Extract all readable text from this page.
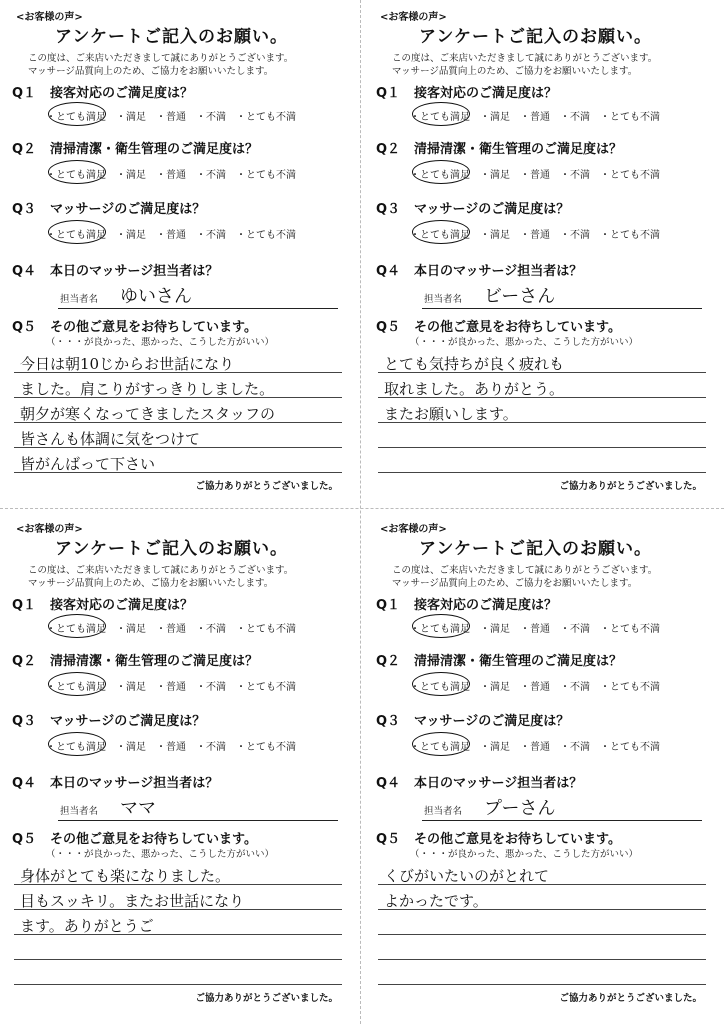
<お客様の声>
アンケートご記入のお願い。
この度は、ご来店いただきまして誠にありがとうございます。
マッサージ品質向上のため、ご協力をお願いいたします。
Q１ 接客対応のご満足度は？
・とても満足 ・満足 ・普通 ・不満 ・とても不満
Q２ 清掃清潔・衛生管理のご満足度は？
・とても満足 ・満足 ・普通 ・不満 ・とても不満
Q３ マッサージのご満足度は？
・とても満足 ・満足 ・普通 ・不満 ・とても不満
Q４ 本日のマッサージ担当者は？
担当者名 ゆいさん
Q５ その他ご意見をお待ちしています。
（・・・が良かった、悪かった、こうした方がいい）
今日は朝10じからお世話になり
ました。肩こりがすっきりしました。
朝夕が寒くなってきましたスタッフの
皆さんも体調に気をつけて
皆がんばって下さい
ご協力ありがとうございました。
<お客様の声>
アンケートご記入のお願い。
この度は、ご来店いただきまして誠にありがとうございます。
マッサージ品質向上のため、ご協力をお願いいたします。
Q１ 接客対応のご満足度は？
・とても満足 ・満足 ・普通 ・不満 ・とても不満
Q２ 清掃清潔・衛生管理のご満足度は？
・とても満足 ・満足 ・普通 ・不満 ・とても不満
Q３ マッサージのご満足度は？
・とても満足 ・満足 ・普通 ・不満 ・とても不満
Q４ 本日のマッサージ担当者は？
担当者名 ビーさん
Q５ その他ご意見をお待ちしています。
（・・・が良かった、悪かった、こうした方がいい）
とても気持ちが良く疲れも
取れました。ありがとう。
またお願いします。
ご協力ありがとうございました。
<お客様の声>
アンケートご記入のお願い。
この度は、ご来店いただきまして誠にありがとうございます。
マッサージ品質向上のため、ご協力をお願いいたします。
Q１ 接客対応のご満足度は？
・とても満足 ・満足 ・普通 ・不満 ・とても不満
Q２ 清掃清潔・衛生管理のご満足度は？
・とても満足 ・満足 ・普通 ・不満 ・とても不満
Q３ マッサージのご満足度は？
・とても満足 ・満足 ・普通 ・不満 ・とても不満
Q４ 本日のマッサージ担当者は？
担当者名 ママ
Q５ その他ご意見をお待ちしています。
（・・・が良かった、悪かった、こうした方がいい）
身体がとても楽になりました。
目もスッキリ。またお世話になり
ます。ありがとうご
ご協力ありがとうございました。
<お客様の声>
アンケートご記入のお願い。
この度は、ご来店いただきまして誠にありがとうございます。
マッサージ品質向上のため、ご協力をお願いいたします。
Q１ 接客対応のご満足度は？
・とても満足 ・満足 ・普通 ・不満 ・とても不満
Q２ 清掃清潔・衛生管理のご満足度は？
・とても満足 ・満足 ・普通 ・不満 ・とても不満
Q３ マッサージのご満足度は？
・とても満足 ・満足 ・普通 ・不満 ・とても不満
Q４ 本日のマッサージ担当者は？
担当者名 プーさん
Q５ その他ご意見をお待ちしています。
（・・・が良かった、悪かった、こうした方がいい）
くびがいたいのがとれて
よかったです。
ご協力ありがとうございました。
